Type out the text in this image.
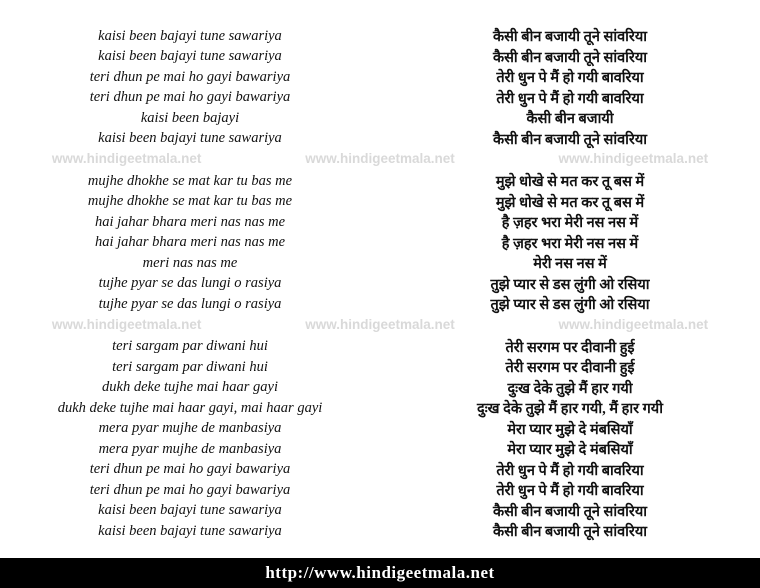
kaisi been bajayi tune sawariya	कैसी बीन बजायी तूने सांवरिया
kaisi been bajayi tune sawariya	कैसी बीन बजायी तूने सांवरिया
teri dhun pe mai ho gayi bawariya	तेरी धुन पे मैं हो गयी बावरिया
teri dhun pe mai ho gayi bawariya	तेरी धुन पे मैं हो गयी बावरिया
kaisi been bajayi	कैसी बीन बजायी
kaisi been bajayi tune sawariya	कैसी बीन बजायी तूने सांवरिया
www.hindigeetmala.net	www.hindigeetmala.net	www.hindigeetmala.net
mujhe dhokhe se mat kar tu bas me	मुझे धोखे से मत कर तू बस में
mujhe dhokhe se mat kar tu bas me	मुझे धोखे से मत कर तू बस में
hai jahar bhara meri nas nas me	है ज़हर भरा मेरी नस नस में
hai jahar bhara meri nas nas me	है ज़हर भरा मेरी नस नस में
meri nas nas me	मेरी नस नस में
tujhe pyar se das lungi o rasiya	तुझे प्यार से डस लुंगी ओ रसिया
tujhe pyar se das lungi o rasiya	तुझे प्यार से डस लुंगी ओ रसिया
www.hindigeetmala.net	www.hindigeetmala.net	www.hindigeetmala.net
teri sargam par diwani hui	तेरी सरगम पर दीवानी हुई
teri sargam par diwani hui	तेरी सरगम पर दीवानी हुई
dukh deke tujhe mai haar gayi	दुःख देके तुझे मैं हार गयी
dukh deke tujhe mai haar gayi, mai haar gayi	दुःख देके तुझे मैं हार गयी, मैं हार गयी
mera pyar mujhe de manbasiya	मेरा प्यार मुझे दे मंबसियाँ
mera pyar mujhe de manbasiya	मेरा प्यार मुझे दे मंबसियाँ
teri dhun pe mai ho gayi bawariya	तेरी धुन पे मैं हो गयी बावरिया
teri dhun pe mai ho gayi bawariya	तेरी धुन पे मैं हो गयी बावरिया
kaisi been bajayi tune sawariya	कैसी बीन बजायी तूने सांवरिया
kaisi been bajayi tune sawariya	कैसी बीन बजायी तूने सांवरिया
http://www.hindigeetmala.net
